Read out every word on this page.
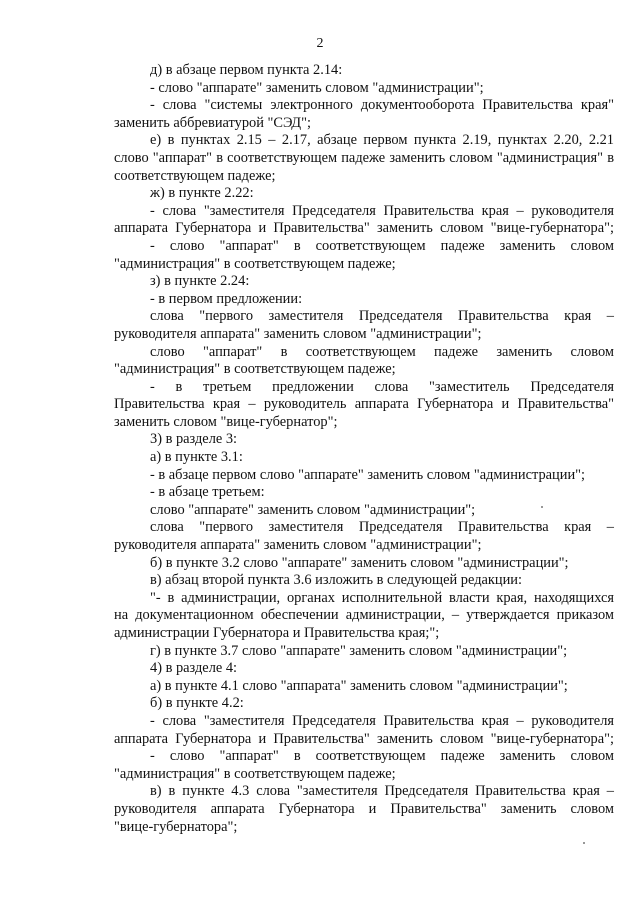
2
д) в абзаце первом пункта 2.14:
- слово "аппарате" заменить словом "администрации";
- слова "системы электронного документооборота Правительства края"
заменить аббревиатурой "СЭД";
е) в пунктах 2.15 – 2.17, абзаце первом пункта 2.19, пунктах 2.20, 2.21
слово "аппарат" в соответствующем падеже заменить словом "администрация" в
соответствующем падеже;
ж) в пункте 2.22:
- слова "заместителя Председателя Правительства края – руководителя
аппарата Губернатора и Правительства" заменить словом "вице-губернатора";
- слово "аппарат" в соответствующем падеже заменить словом
"администрация" в соответствующем падеже;
з) в пункте 2.24:
- в первом предложении:
слова "первого заместителя Председателя Правительства края –
руководителя аппарата" заменить словом "администрации";
слово "аппарат" в соответствующем падеже заменить словом
"администрация" в соответствующем падеже;
- в третьем предложении слова "заместитель Председателя
Правительства края – руководитель аппарата Губернатора и Правительства"
заменить словом "вице-губернатор";
3) в разделе 3:
а) в пункте 3.1:
- в абзаце первом слово "аппарате" заменить словом "администрации";
- в абзаце третьем:
слово "аппарате" заменить словом "администрации";
слова "первого заместителя Председателя Правительства края –
руководителя аппарата" заменить словом "администрации";
б) в пункте 3.2 слово "аппарате" заменить словом "администрации";
в) абзац второй пункта 3.6 изложить в следующей редакции:
"- в администрации, органах исполнительной власти края, находящихся
на документационном обеспечении администрации, – утверждается приказом
администрации Губернатора и Правительства края;";
г) в пункте 3.7 слово "аппарате" заменить словом "администрации";
4) в разделе 4:
а) в пункте 4.1 слово "аппарата" заменить словом "администрации";
б) в пункте 4.2:
- слова "заместителя Председателя Правительства края – руководителя
аппарата Губернатора и Правительства" заменить словом "вице-губернатора";
- слово "аппарат" в соответствующем падеже заменить словом
"администрация" в соответствующем падеже;
в) в пункте 4.3 слова "заместителя Председателя Правительства края –
руководителя аппарата Губернатора и Правительства" заменить словом
"вице-губернатора";
